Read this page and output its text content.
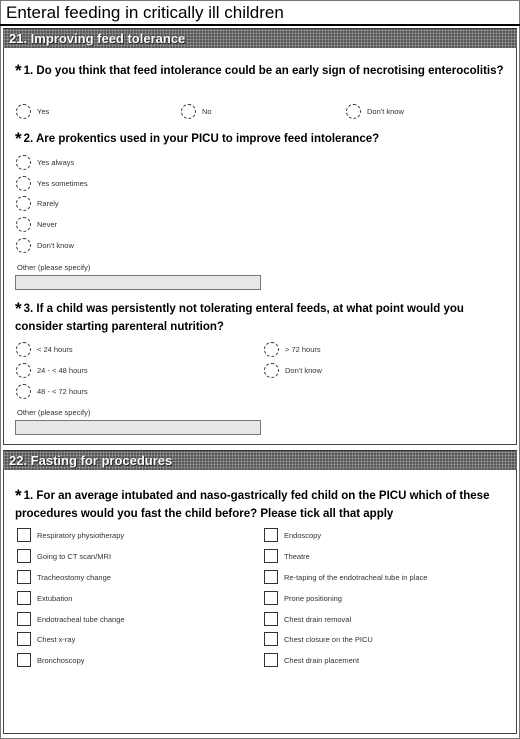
Enteral feeding in critically ill children
21. Improving feed tolerance
* 1. Do you think that feed intolerance could be an early sign of necrotising enterocolitis?
Yes	No	Don't know
* 2. Are prokentics used in your PICU to improve feed intolerance?
Yes always
Yes sometimes
Rarely
Never
Don't know
Other (please specify)
* 3. If a child was persistently not tolerating enteral feeds, at what point would you consider starting parenteral nutrition?
< 24 hours
24 - < 48 hours
48 - < 72 hours
> 72 hours
Don't know
Other (please specify)
22. Fasting for procedures
* 1. For an average intubated and naso-gastrically fed child on the PICU which of these procedures would you fast the child before? Please tick all that apply
Respiratory physiotherapy
Going to CT scan/MRI
Tracheostomy change
Extubation
Endotracheal tube change
Chest x-ray
Bronchoscopy
Endoscopy
Theatre
Re-taping of the endotracheal tube in place
Prone positioning
Chest drain removal
Chest closure on the PICU
Chest drain placement
